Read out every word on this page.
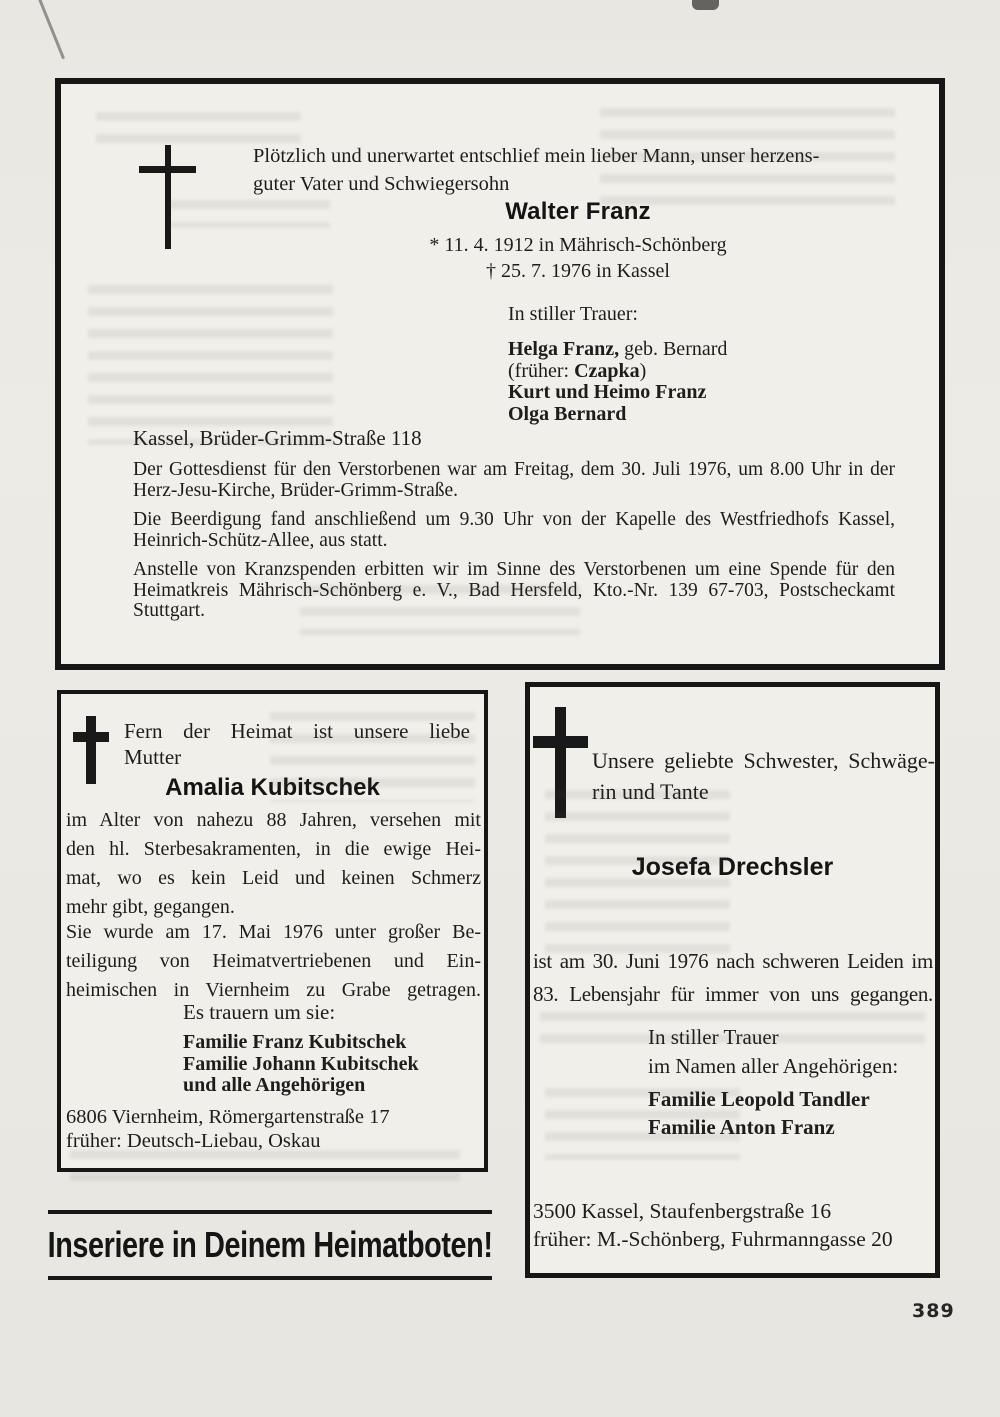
Plötzlich und unerwartet entschlief mein lieber Mann, unser herzens-
guter Vater und Schwiegersohn
Walter Franz
* 11. 4. 1912 in Mährisch-Schönberg
† 25. 7. 1976 in Kassel
In stiller Trauer:
Helga Franz, geb. Bernard
(früher: Czapka)
Kurt und Heimo Franz
Olga Bernard
Kassel, Brüder-Grimm-Straße 118
Der Gottesdienst für den Verstorbenen war am Freitag, dem 30. Juli 1976, um 8.00 Uhr in der
Herz-Jesu-Kirche, Brüder-Grimm-Straße.
Die Beerdigung fand anschließend um 9.30 Uhr von der Kapelle des Westfriedhofs Kassel,
Heinrich-Schütz-Allee, aus statt.
Anstelle von Kranzspenden erbitten wir im Sinne des Verstorbenen um eine Spende für den
Heimatkreis Mährisch-Schönberg e. V., Bad Hersfeld, Kto.-Nr. 139 67-703, Postscheckamt
Stuttgart.
Fern der Heimat ist unsere liebe
Mutter
Amalia Kubitschek
im Alter von nahezu 88 Jahren, versehen mit
den hl. Sterbesakramenten, in die ewige Hei-
mat, wo es kein Leid und keinen Schmerz
mehr gibt, gegangen.
Sie wurde am 17. Mai 1976 unter großer Be-
teiligung von Heimatvertriebenen und Ein-
heimischen in Viernheim zu Grabe getragen.
Es trauern um sie:
Familie Franz Kubitschek
Familie Johann Kubitschek
und alle Angehörigen
6806 Viernheim, Römergartenstraße 17
früher: Deutsch-Liebau, Oskau
Unsere geliebte Schwester, Schwäge-
rin und Tante
Josefa Drechsler
ist am 30. Juni 1976 nach schweren Leiden im
83. Lebensjahr für immer von uns gegangen.
In stiller Trauer
im Namen aller Angehörigen:
Familie Leopold Tandler
Familie Anton Franz
3500 Kassel, Staufenbergstraße 16
früher: M.-Schönberg, Fuhrmanngasse 20
Inseriere in Deinem Heimatboten!
389
